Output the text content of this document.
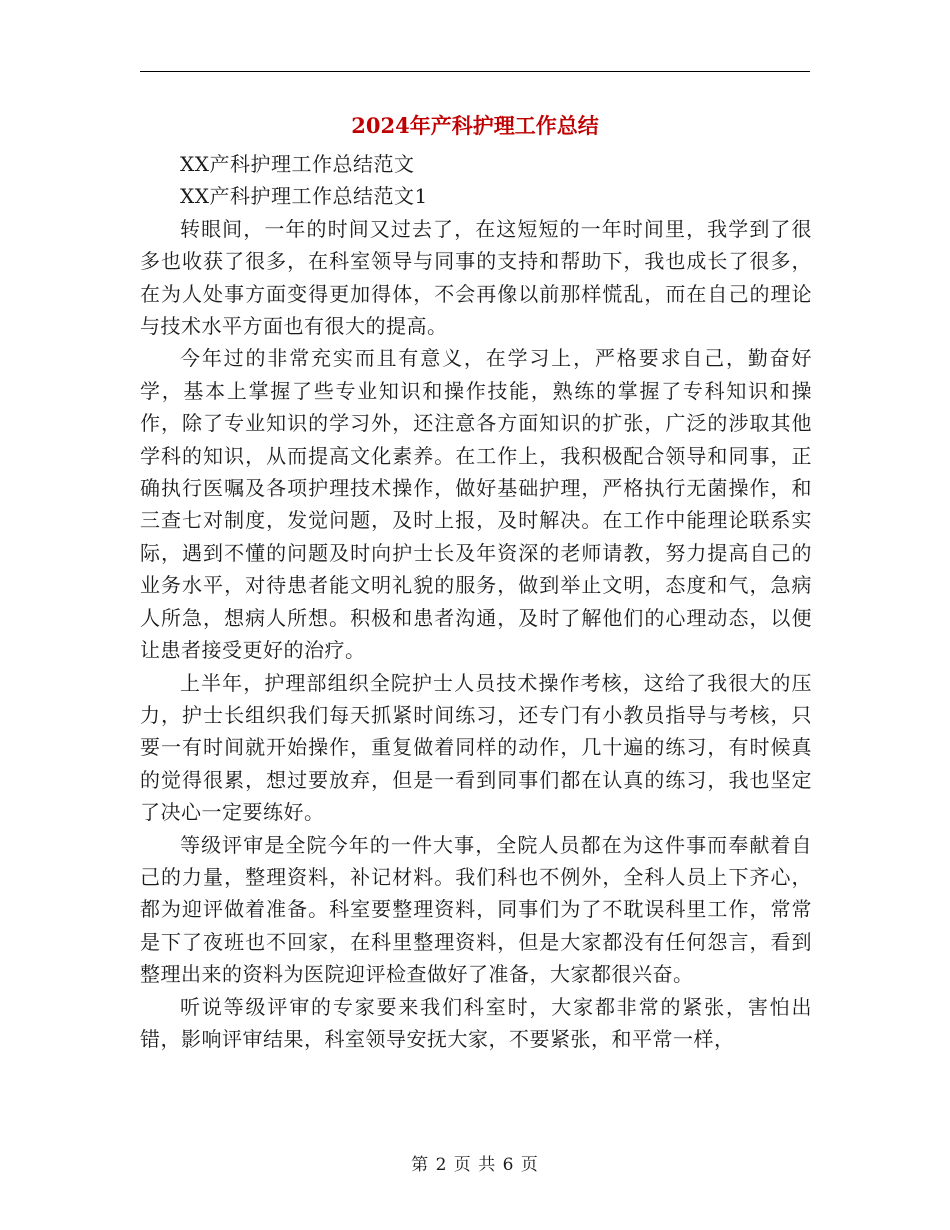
2024年产科护理工作总结

XX产科护理工作总结范文

XX产科护理工作总结范文1

转眼间，一年的时间又过去了，在这短短的一年时间里，我学到了很多也收获了很多，在科室领导与同事的支持和帮助下，我也成长了很多，在为人处事方面变得更加得体，不会再像以前那样慌乱，而在自己的理论与技术水平方面也有很大的提高。

今年过的非常充实而且有意义，在学习上，严格要求自己，勤奋好学，基本上掌握了些专业知识和操作技能，熟练的掌握了专科知识和操作，除了专业知识的学习外，还注意各方面知识的扩张，广泛的涉取其他学科的知识，从而提高文化素养。在工作上，我积极配合领导和同事，正确执行医嘱及各项护理技术操作，做好基础护理，严格执行无菌操作，和三查七对制度，发觉问题，及时上报，及时解决。在工作中能理论联系实际，遇到不懂的问题及时向护士长及年资深的老师请教，努力提高自己的业务水平，对待患者能文明礼貌的服务，做到举止文明，态度和气，急病人所急，想病人所想。积极和患者沟通，及时了解他们的心理动态，以便让患者接受更好的治疗。

上半年，护理部组织全院护士人员技术操作考核，这给了我很大的压力，护士长组织我们每天抓紧时间练习，还专门有小教员指导与考核，只要一有时间就开始操作，重复做着同样的动作，几十遍的练习，有时候真的觉得很累，想过要放弃，但是一看到同事们都在认真的练习，我也坚定了决心一定要练好。

等级评审是全院今年的一件大事，全院人员都在为这件事而奉献着自己的力量，整理资料，补记材料。我们科也不例外，全科人员上下齐心，都为迎评做着准备。科室要整理资料，同事们为了不耽误科里工作，常常是下了夜班也不回家，在科里整理资料，但是大家都没有任何怨言，看到整理出来的资料为医院迎评检查做好了准备，大家都很兴奋。

听说等级评审的专家要来我们科室时，大家都非常的紧张，害怕出错，影响评审结果，科室领导安抚大家，不要紧张，和平常一样，

第 2 页 共 6 页
